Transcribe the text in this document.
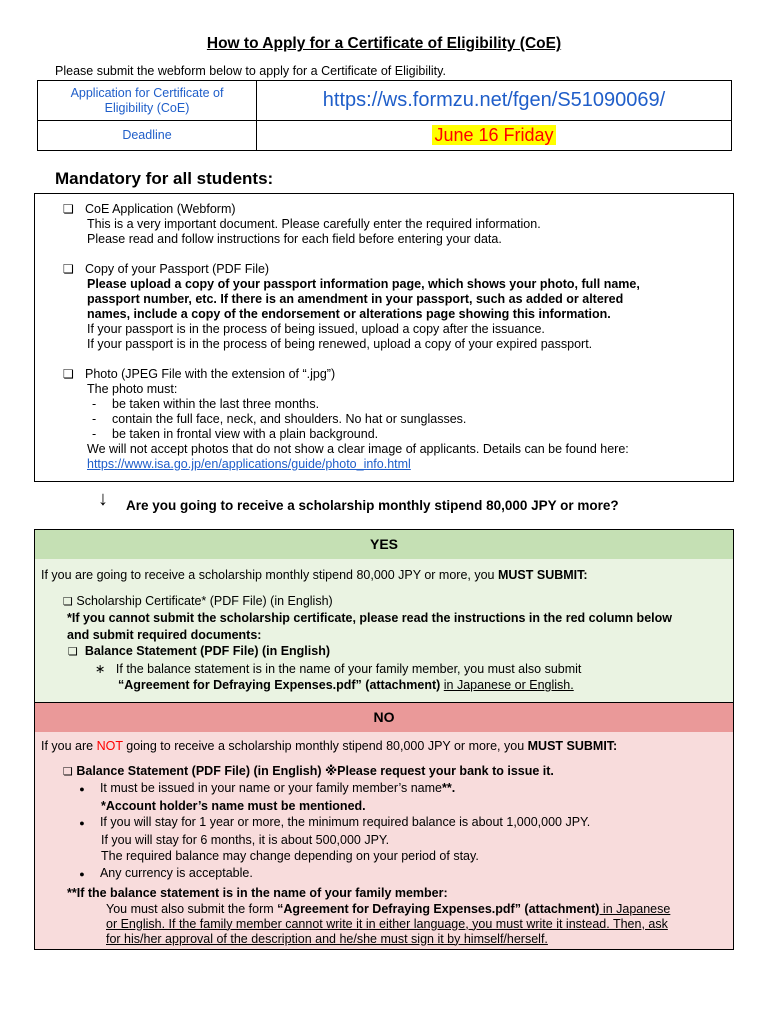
How to Apply for a Certificate of Eligibility (CoE)
Please submit the webform below to apply for a Certificate of Eligibility.
Application for Certificate of
Eligibility (CoE)	https://ws.formzu.net/fgen/S51090069/
Deadline	June 16 Friday
Mandatory for all students:
❏ CoE Application (Webform)
This is a very important document. Please carefully enter the required information.
Please read and follow instructions for each field before entering your data.
❏ Copy of your Passport (PDF File)
Please upload a copy of your passport information page, which shows your photo, full name,
passport number, etc. If there is an amendment in your passport, such as added or altered
names, include a copy of the endorsement or alterations page showing this information.
If your passport is in the process of being issued, upload a copy after the issuance.
If your passport is in the process of being renewed, upload a copy of your expired passport.
❏ Photo (JPEG File with the extension of “.jpg”)
The photo must:
- be taken within the last three months.
- contain the full face, neck, and shoulders. No hat or sunglasses.
- be taken in frontal view with a plain background.
We will not accept photos that do not show a clear image of applicants. Details can be found here:
https://www.isa.go.jp/en/applications/guide/photo_info.html
↓ Are you going to receive a scholarship monthly stipend 80,000 JPY or more?
YES
If you are going to receive a scholarship monthly stipend 80,000 JPY or more, you MUST SUBMIT:
❏ Scholarship Certificate* (PDF File) (in English)
*If you cannot submit the scholarship certificate, please read the instructions in the red column below
and submit required documents:
❏ Balance Statement (PDF File) (in English)
∗ If the balance statement is in the name of your family member, you must also submit
“Agreement for Defraying Expenses.pdf” (attachment) in Japanese or English.
NO
If you are NOT going to receive a scholarship monthly stipend 80,000 JPY or more, you MUST SUBMIT:
❏ Balance Statement (PDF File) (in English) ※Please request your bank to issue it.
● It must be issued in your name or your family member’s name**.
*Account holder’s name must be mentioned.
● If you will stay for 1 year or more, the minimum required balance is about 1,000,000 JPY.
If you will stay for 6 months, it is about 500,000 JPY.
The required balance may change depending on your period of stay.
● Any currency is acceptable.
**If the balance statement is in the name of your family member:
You must also submit the form “Agreement for Defraying Expenses.pdf” (attachment) in Japanese
or English. If the family member cannot write it in either language, you must write it instead. Then, ask
for his/her approval of the description and he/she must sign it by himself/herself.
